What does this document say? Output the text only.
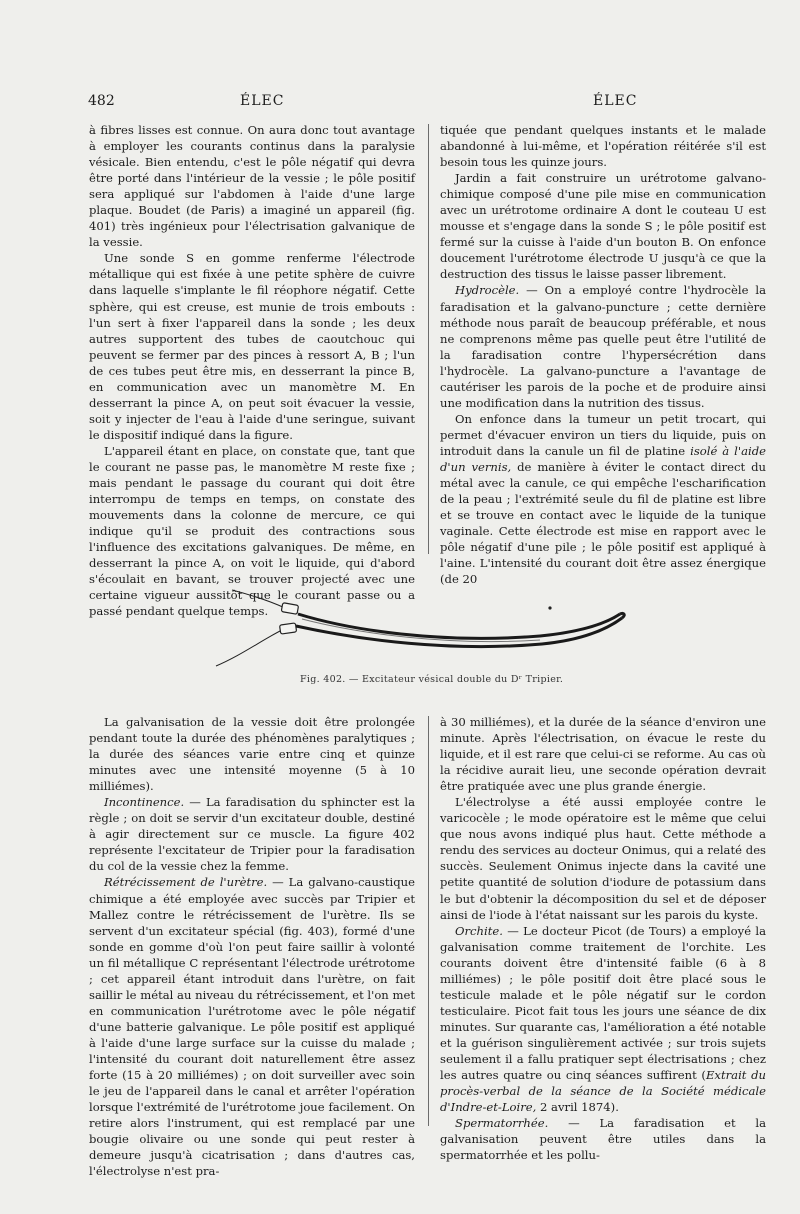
482	ÉLEC	ÉLEC

à fibres lisses est connue. On aura donc tout avantage à employer les courants continus dans la paralysie vésicale. Bien entendu, c'est le pôle négatif qui devra être porté dans l'intérieur de la vessie ; le pôle positif sera appliqué sur l'abdomen à l'aide d'une large plaque. Boudet (de Paris) a imaginé un appareil (fig. 401) très ingénieux pour l'électrisation galvanique de la vessie.

Une sonde S en gomme renferme l'électrode métallique qui est fixée à une petite sphère de cuivre dans laquelle s'implante le fil réophore négatif. Cette sphère, qui est creuse, est munie de trois embouts : l'un sert à fixer l'appareil dans la sonde ; les deux autres supportent des tubes de caoutchouc qui peuvent se fermer par des pinces à ressort A, B ; l'un de ces tubes peut être mis, en desserrant la pince B, en communication avec un manomètre M. En desserrant la pince A, on peut soit évacuer la vessie, soit y injecter de l'eau à l'aide d'une seringue, suivant le dispositif indiqué dans la figure.

L'appareil étant en place, on constate que, tant que le courant ne passe pas, le manomètre M reste fixe ; mais pendant le passage du courant qui doit être interrompu de temps en temps, on constate des mouvements dans la colonne de mercure, ce qui indique qu'il se produit des contractions sous l'influence des excitations galvaniques. De même, en desserrant la pince A, on voit le liquide, qui d'abord s'écoulait en bavant, se trouver projecté avec une certaine vigueur aussitôt que le courant passe ou a passé pendant quelque temps.

tiquée que pendant quelques instants et le malade abandonné à lui-même, et l'opération réitérée s'il est besoin tous les quinze jours.

Jardin a fait construire un urétrotome galvano-chimique composé d'une pile mise en communication avec un urétrotome ordinaire A dont le couteau U est mousse et s'engage dans la sonde S ; le pôle positif est fermé sur la cuisse à l'aide d'un bouton B. On enfonce doucement l'urétrotome électrode U jusqu'à ce que la destruction des tissus le laisse passer librement.

Hydrocèle. — On a employé contre l'hydrocèle la faradisation et la galvano-puncture ; cette dernière méthode nous paraît de beaucoup préférable, et nous ne comprenons même pas quelle peut être l'utilité de la faradisation contre l'hypersécrétion dans l'hydrocèle. La galvano-puncture a l'avantage de cautériser les parois de la poche et de produire ainsi une modification dans la nutrition des tissus.

On enfonce dans la tumeur un petit trocart, qui permet d'évacuer environ un tiers du liquide, puis on introduit dans la canule un fil de platine isolé à l'aide d'un vernis, de manière à éviter le contact direct du métal avec la canule, ce qui empêche l'escharification de la peau ; l'extrémité seule du fil de platine est libre et se trouve en contact avec le liquide de la tunique vaginale. Cette électrode est mise en rapport avec le pôle négatif d'une pile ; le pôle positif est appliqué à l'aine. L'intensité du courant doit être assez énergique (de 20

Fig. 402. — Excitateur vésical double du Dʳ Tripier.

La galvanisation de la vessie doit être prolongée pendant toute la durée des phénomènes paralytiques ; la durée des séances varie entre cinq et quinze minutes avec une intensité moyenne (5 à 10 milliémes).

Incontinence. — La faradisation du sphincter est la règle ; on doit se servir d'un excitateur double, destiné à agir directement sur ce muscle. La figure 402 représente l'excitateur de Tripier pour la faradisation du col de la vessie chez la femme.

Rétrécissement de l'urètre. — La galvano-caustique chimique a été employée avec succès par Tripier et Mallez contre le rétrécissement de l'urètre. Ils se servent d'un excitateur spécial (fig. 403), formé d'une sonde en gomme d'où l'on peut faire saillir à volonté un fil métallique C représentant l'électrode urétrotome ; cet appareil étant introduit dans l'urètre, on fait saillir le métal au niveau du rétrécissement, et l'on met en communication l'urétrotome avec le pôle négatif d'une batterie galvanique. Le pôle positif est appliqué à l'aide d'une large surface sur la cuisse du malade ; l'intensité du courant doit naturellement être assez forte (15 à 20 milliémes) ; on doit surveiller avec soin le jeu de l'appareil dans le canal et arrêter l'opération lorsque l'extrémité de l'urétrotome joue facilement. On retire alors l'instrument, qui est remplacé par une bougie olivaire ou une sonde qui peut rester à demeure jusqu'à cicatrisation ; dans d'autres cas, l'électrolyse n'est pra-

à 30 milliémes), et la durée de la séance d'environ une minute. Après l'électrisation, on évacue le reste du liquide, et il est rare que celui-ci se reforme. Au cas où la récidive aurait lieu, une seconde opération devrait être pratiquée avec une plus grande énergie.

L'électrolyse a été aussi employée contre le varicocèle ; le mode opératoire est le même que celui que nous avons indiqué plus haut. Cette méthode a rendu des services au docteur Onimus, qui a relaté des succès. Seulement Onimus injecte dans la cavité une petite quantité de solution d'iodure de potassium dans le but d'obtenir la décomposition du sel et de déposer ainsi de l'iode à l'état naissant sur les parois du kyste.

Orchite. — Le docteur Picot (de Tours) a employé la galvanisation comme traitement de l'orchite. Les courants doivent être d'intensité faible (6 à 8 milliémes) ; le pôle positif doit être placé sous le testicule malade et le pôle négatif sur le cordon testiculaire. Picot fait tous les jours une séance de dix minutes. Sur quarante cas, l'amélioration a été notable et la guérison singulièrement activée ; sur trois sujets seulement il a fallu pratiquer sept électrisations ; chez les autres quatre ou cinq séances suffirent (Extrait du procès-verbal de la séance de la Société médicale d'Indre-et-Loire, 2 avril 1874).

Spermatorrhée. — La faradisation et la galvanisation peuvent être utiles dans la spermatorrhée et les pollu-
